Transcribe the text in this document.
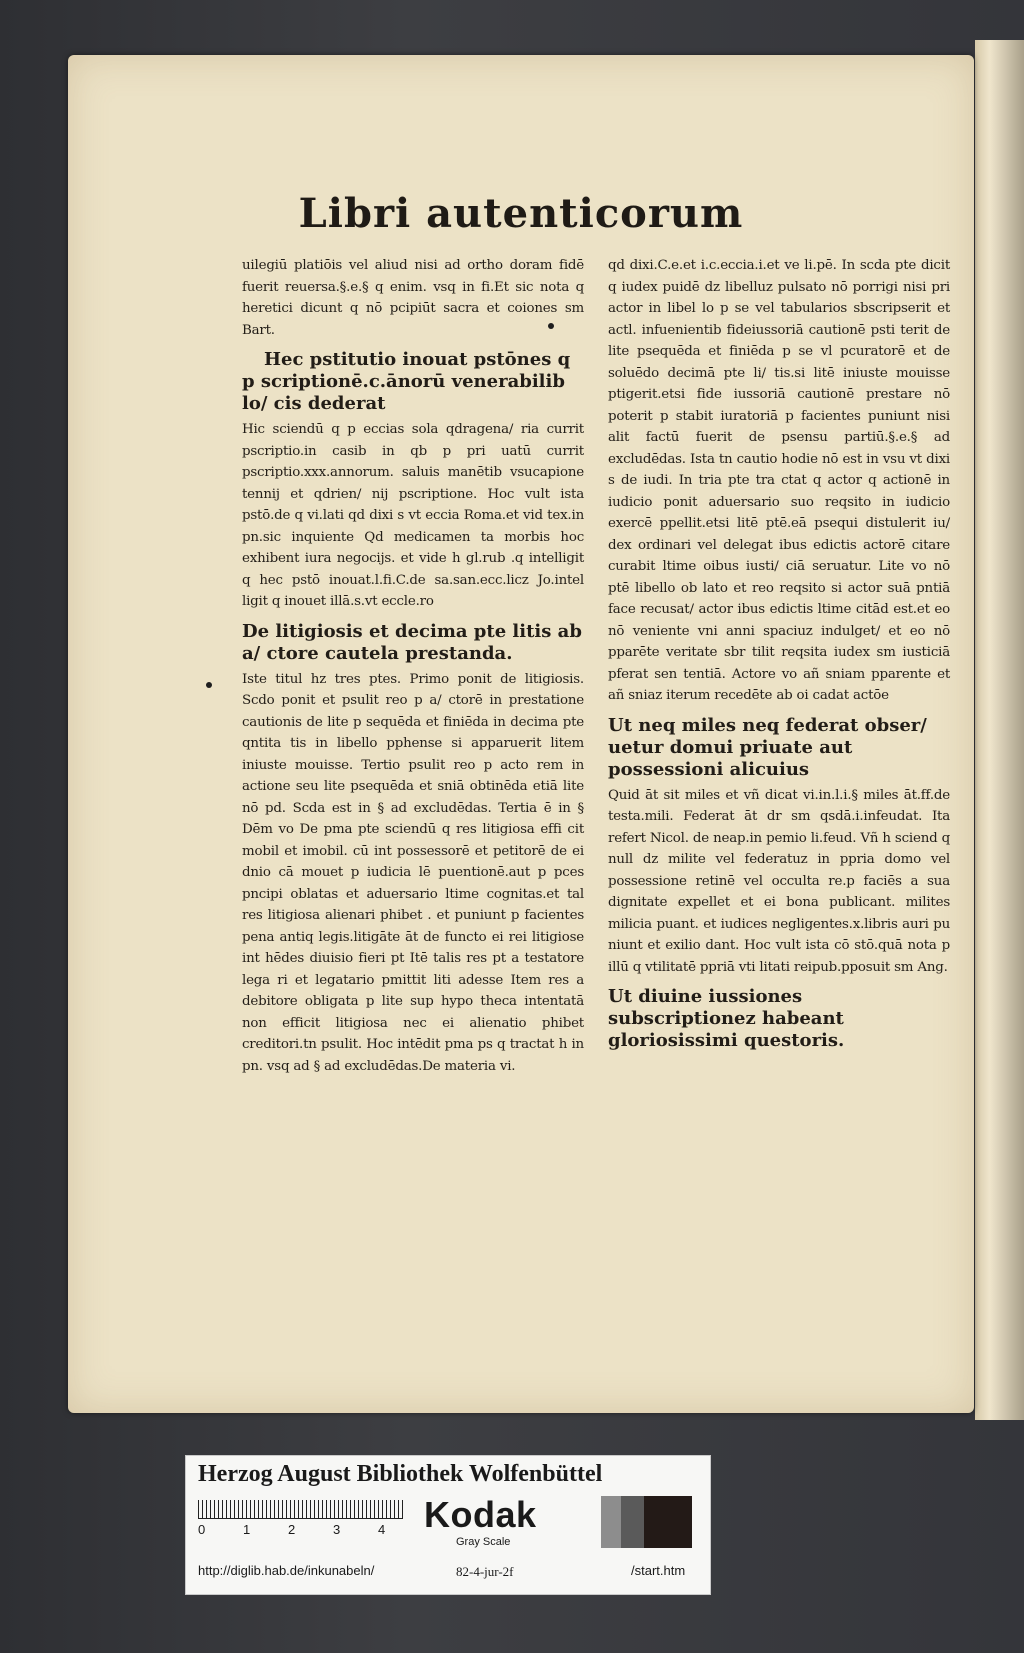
Libri autenticorum

uilegiū platiōis vel aliud nisi ad ortho doram fidē fuerit reuersa.§.e.§ q enim. vsq in fi.Et sic nota q heretici dicunt q nō pcipiūt sacra et coiones sm Bart.

Hec pstitutio inouat pstōnes q p scriptionē.c.ānorū venerabilib lo/ cis dederat

Hic sciendū q p eccias sola qdragena/ ria currit pscriptio.in casib in qb p pri uatū currit pscriptio.xxx.annorum. saluis manētib vsucapione tennij et qdrien/ nij pscriptione. Hoc vult ista pstō.de q vi.lati qd dixi s vt eccia Roma.et vid tex.in pn.sic inquiente Qd medicamen ta morbis hoc exhibent iura negocijs. et vide h gl.rub .q intelligit q hec pstō inouat.l.fi.C.de sa.san.ecc.licz Jo.intel ligit q inouet illā.s.vt eccle.ro

De litigiosis et decima pte litis ab a/ ctore cautela prestanda.

Iste titul hz tres ptes. Primo ponit de litigiosis. Scdo ponit et psulit reo p a/ ctorē in prestatione cautionis de lite p sequēda et finiēda in decima pte qntita tis in libello pphense si apparuerit litem iniuste mouisse. Tertio psulit reo p acto rem in actione seu lite psequēda et sniā obtinēda etiā lite nō pd. Scda est in § ad excludēdas. Tertia ē in § Dēm vo De pma pte sciendū q res litigiosa effi cit mobil et imobil. cū int possessorē et petitorē de ei dnio cā mouet p iudicia lē puentionē.aut p pces pncipi oblatas et aduersario ltime cognitas.et tal res litigiosa alienari phibet . et puniunt p facientes pena antiq legis.litigāte āt de functo ei rei litigiose int hēdes diuisio fieri pt Itē talis res pt a testatore lega ri et legatario pmittit liti adesse Item res a debitore obligata p lite sup hypo theca intentatā non efficit litigiosa nec ei alienatio phibet creditori.tn psulit. Hoc intēdit pma ps q tractat h in pn. vsq ad § ad excludēdas.De materia vi.

qd dixi.C.e.et i.c.eccia.i.et ve li.pē. In scda pte dicit q iudex puidē dz libelluz pulsato nō porrigi nisi pri actor in libel lo p se vel tabularios sbscripserit et actl. infuenientib fideiussoriā cautionē psti terit de lite psequēda et finiēda p se vl pcuratorē et de soluēdo decimā pte li/ tis.si litē iniuste mouisse ptigerit.etsi fide iussoriā cautionē prestare nō poterit p stabit iuratoriā p facientes puniunt nisi alit factū fuerit de psensu partiū.§.e.§ ad excludēdas. Ista tn cautio hodie nō est in vsu vt dixi s de iudi. In tria pte tra ctat q actor q actionē in iudicio ponit aduersario suo reqsito in iudicio exercē ppellit.etsi litē ptē.eā psequi distulerit iu/ dex ordinari vel delegat ibus edictis actorē citare curabit ltime oibus iusti/ ciā seruatur. Lite vo nō ptē libello ob lato et reo reqsito si actor suā pntiā face recusat/ actor ibus edictis ltime citād est.et eo nō veniente vni anni spaciuz indulget/ et eo nō pparēte veritate sbr tilit reqsita iudex sm iusticiā pferat sen tentiā. Actore vo añ sniam pparente et añ sniaz iterum recedēte ab oi cadat actōe

Ut neq miles neq federat obser/ uetur domui priuate aut possessioni alicuius

Quid āt sit miles et vñ dicat vi.in.l.i.§ miles āt.ff.de testa.mili. Federat āt dr sm qsdā.i.infeudat. Ita refert Nicol. de neap.in pemio li.feud. Vñ h sciend q null dz milite vel federatuz in ppria domo vel possessione retinē vel occulta re.p faciēs a sua dignitate expellet et ei bona publicant. milites milicia puant. et iudices negligentes.x.libris auri pu niunt et exilio dant. Hoc vult ista cō stō.quā nota p illū q vtilitatē ppriā vti litati reipub.pposuit sm Ang.

Ut diuine iussiones subscriptionez habeant gloriosissimi questoris.
Herzog August Bibliothek Wolfenbüttel
0	1	2	3	4 Kodak
Gray Scale
http://diglib.hab.de/inkunabeln/	82-4-jur-2f	/start.htm
